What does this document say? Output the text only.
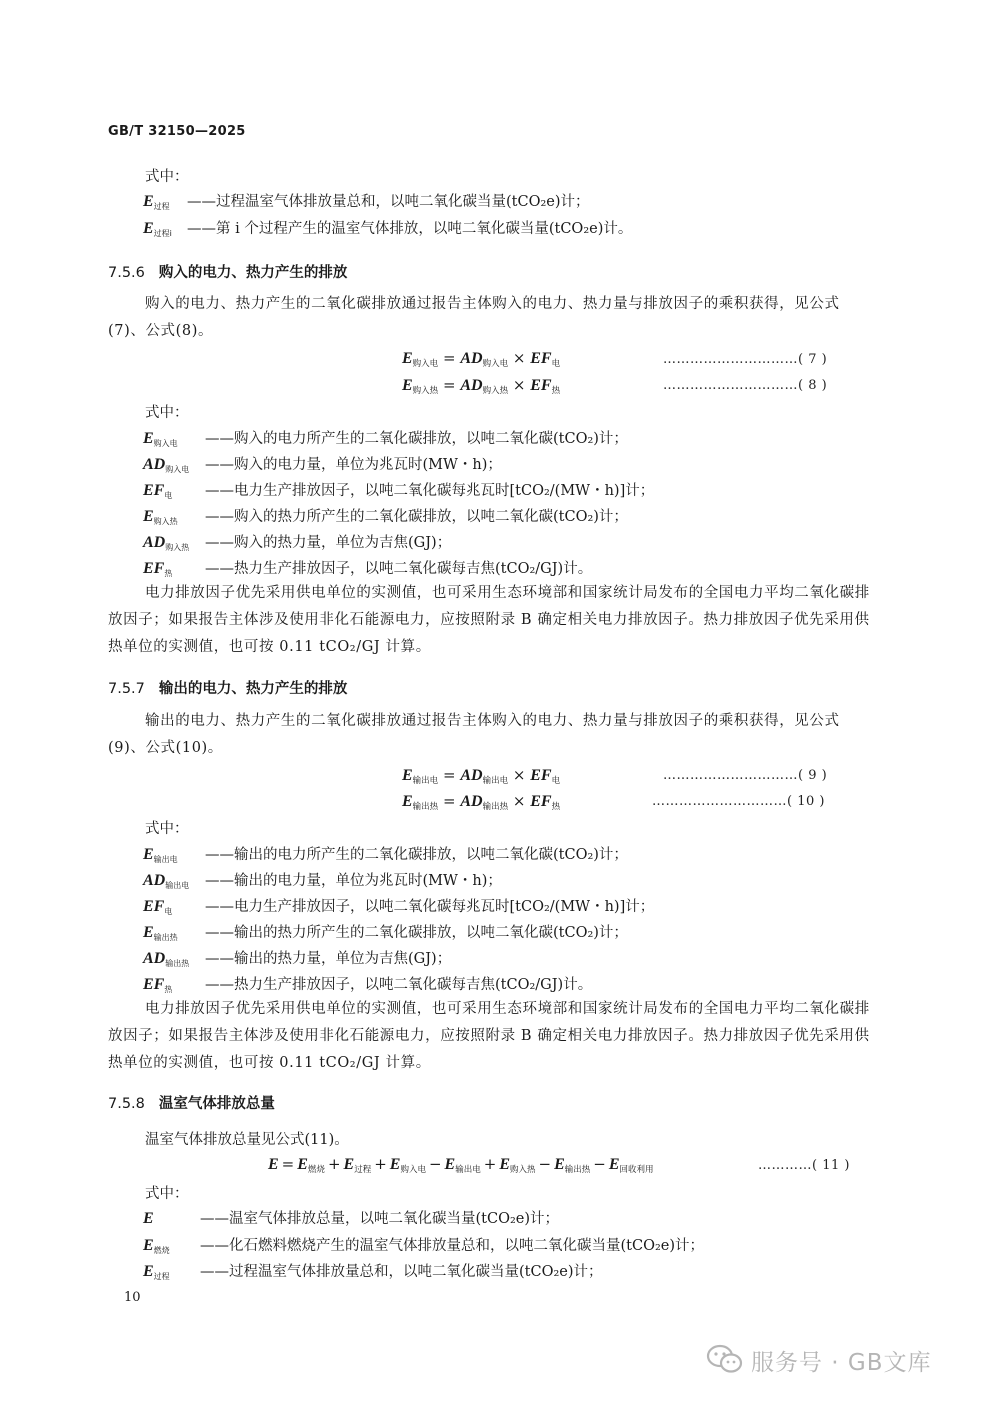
GB/T 32150—2025
式中：
$E_{过程}$ ——过程温室气体排放量总和，以吨二氧化碳当量(tCO₂e)计；
$E_{过程i}$ ——第 i 个过程产生的温室气体排放，以吨二氧化碳当量(tCO₂e)计。
7.5.6 购入的电力、热力产生的排放
购入的电力、热力产生的二氧化碳排放通过报告主体购入的电力、热力量与排放因子的乘积获得，见公式(7)、公式(8)。
$E_{购入电} = AD_{购入电} \times EF_电$	…………………………( 7 )
$E_{购入热} = AD_{购入热} \times EF_热$	…………………………( 8 )
式中：
$E_{购入电}$ ——购入的电力所产生的二氧化碳排放，以吨二氧化碳(tCO₂)计；
$AD_{购入电}$ ——购入的电力量，单位为兆瓦时(MW・h)；
$EF_电$ ——电力生产排放因子，以吨二氧化碳每兆瓦时[tCO₂/(MW・h)]计；
$E_{购入热}$ ——购入的热力所产生的二氧化碳排放，以吨二氧化碳(tCO₂)计；
$AD_{购入热}$ ——购入的热力量，单位为吉焦(GJ)；
$EF_热$ ——热力生产排放因子，以吨二氧化碳每吉焦(tCO₂/GJ)计。
电力排放因子优先采用供电单位的实测值，也可采用生态环境部和国家统计局发布的全国电力平均二氧化碳排放因子；如果报告主体涉及使用非化石能源电力，应按照附录 B 确定相关电力排放因子。热力排放因子优先采用供热单位的实测值，也可按 0.11 tCO₂/GJ 计算。
7.5.7 输出的电力、热力产生的排放
输出的电力、热力产生的二氧化碳排放通过报告主体购入的电力、热力量与排放因子的乘积获得，见公式(9)、公式(10)。
$E_{输出电} = AD_{输出电} \times EF_电$	…………………………( 9 )
$E_{输出热} = AD_{输出热} \times EF_热$	…………………………( 10 )
式中：
$E_{输出电}$ ——输出的电力所产生的二氧化碳排放，以吨二氧化碳(tCO₂)计；
$AD_{输出电}$ ——输出的电力量，单位为兆瓦时(MW・h)；
$EF_电$ ——电力生产排放因子，以吨二氧化碳每兆瓦时[tCO₂/(MW・h)]计；
$E_{输出热}$ ——输出的热力所产生的二氧化碳排放，以吨二氧化碳(tCO₂)计；
$AD_{输出热}$ ——输出的热力量，单位为吉焦(GJ)；
$EF_热$ ——热力生产排放因子，以吨二氧化碳每吉焦(tCO₂/GJ)计。
电力排放因子优先采用供电单位的实测值，也可采用生态环境部和国家统计局发布的全国电力平均二氧化碳排放因子；如果报告主体涉及使用非化石能源电力，应按照附录 B 确定相关电力排放因子。热力排放因子优先采用供热单位的实测值，也可按 0.11 tCO₂/GJ 计算。
7.5.8 温室气体排放总量
温室气体排放总量见公式(11)。
$E = E_{燃烧} + E_{过程} + E_{购入电} - E_{输出电} + E_{购入热} - E_{输出热} - E_{回收利用}$	…………( 11 )
式中：
E	——温室气体排放总量，以吨二氧化碳当量(tCO₂e)计；
$E_{燃烧}$ ——化石燃料燃烧产生的温室气体排放量总和，以吨二氧化碳当量(tCO₂e)计；
$E_{过程}$ ——过程温室气体排放量总和，以吨二氧化碳当量(tCO₂e)计；
10
服务号 · GB文库
